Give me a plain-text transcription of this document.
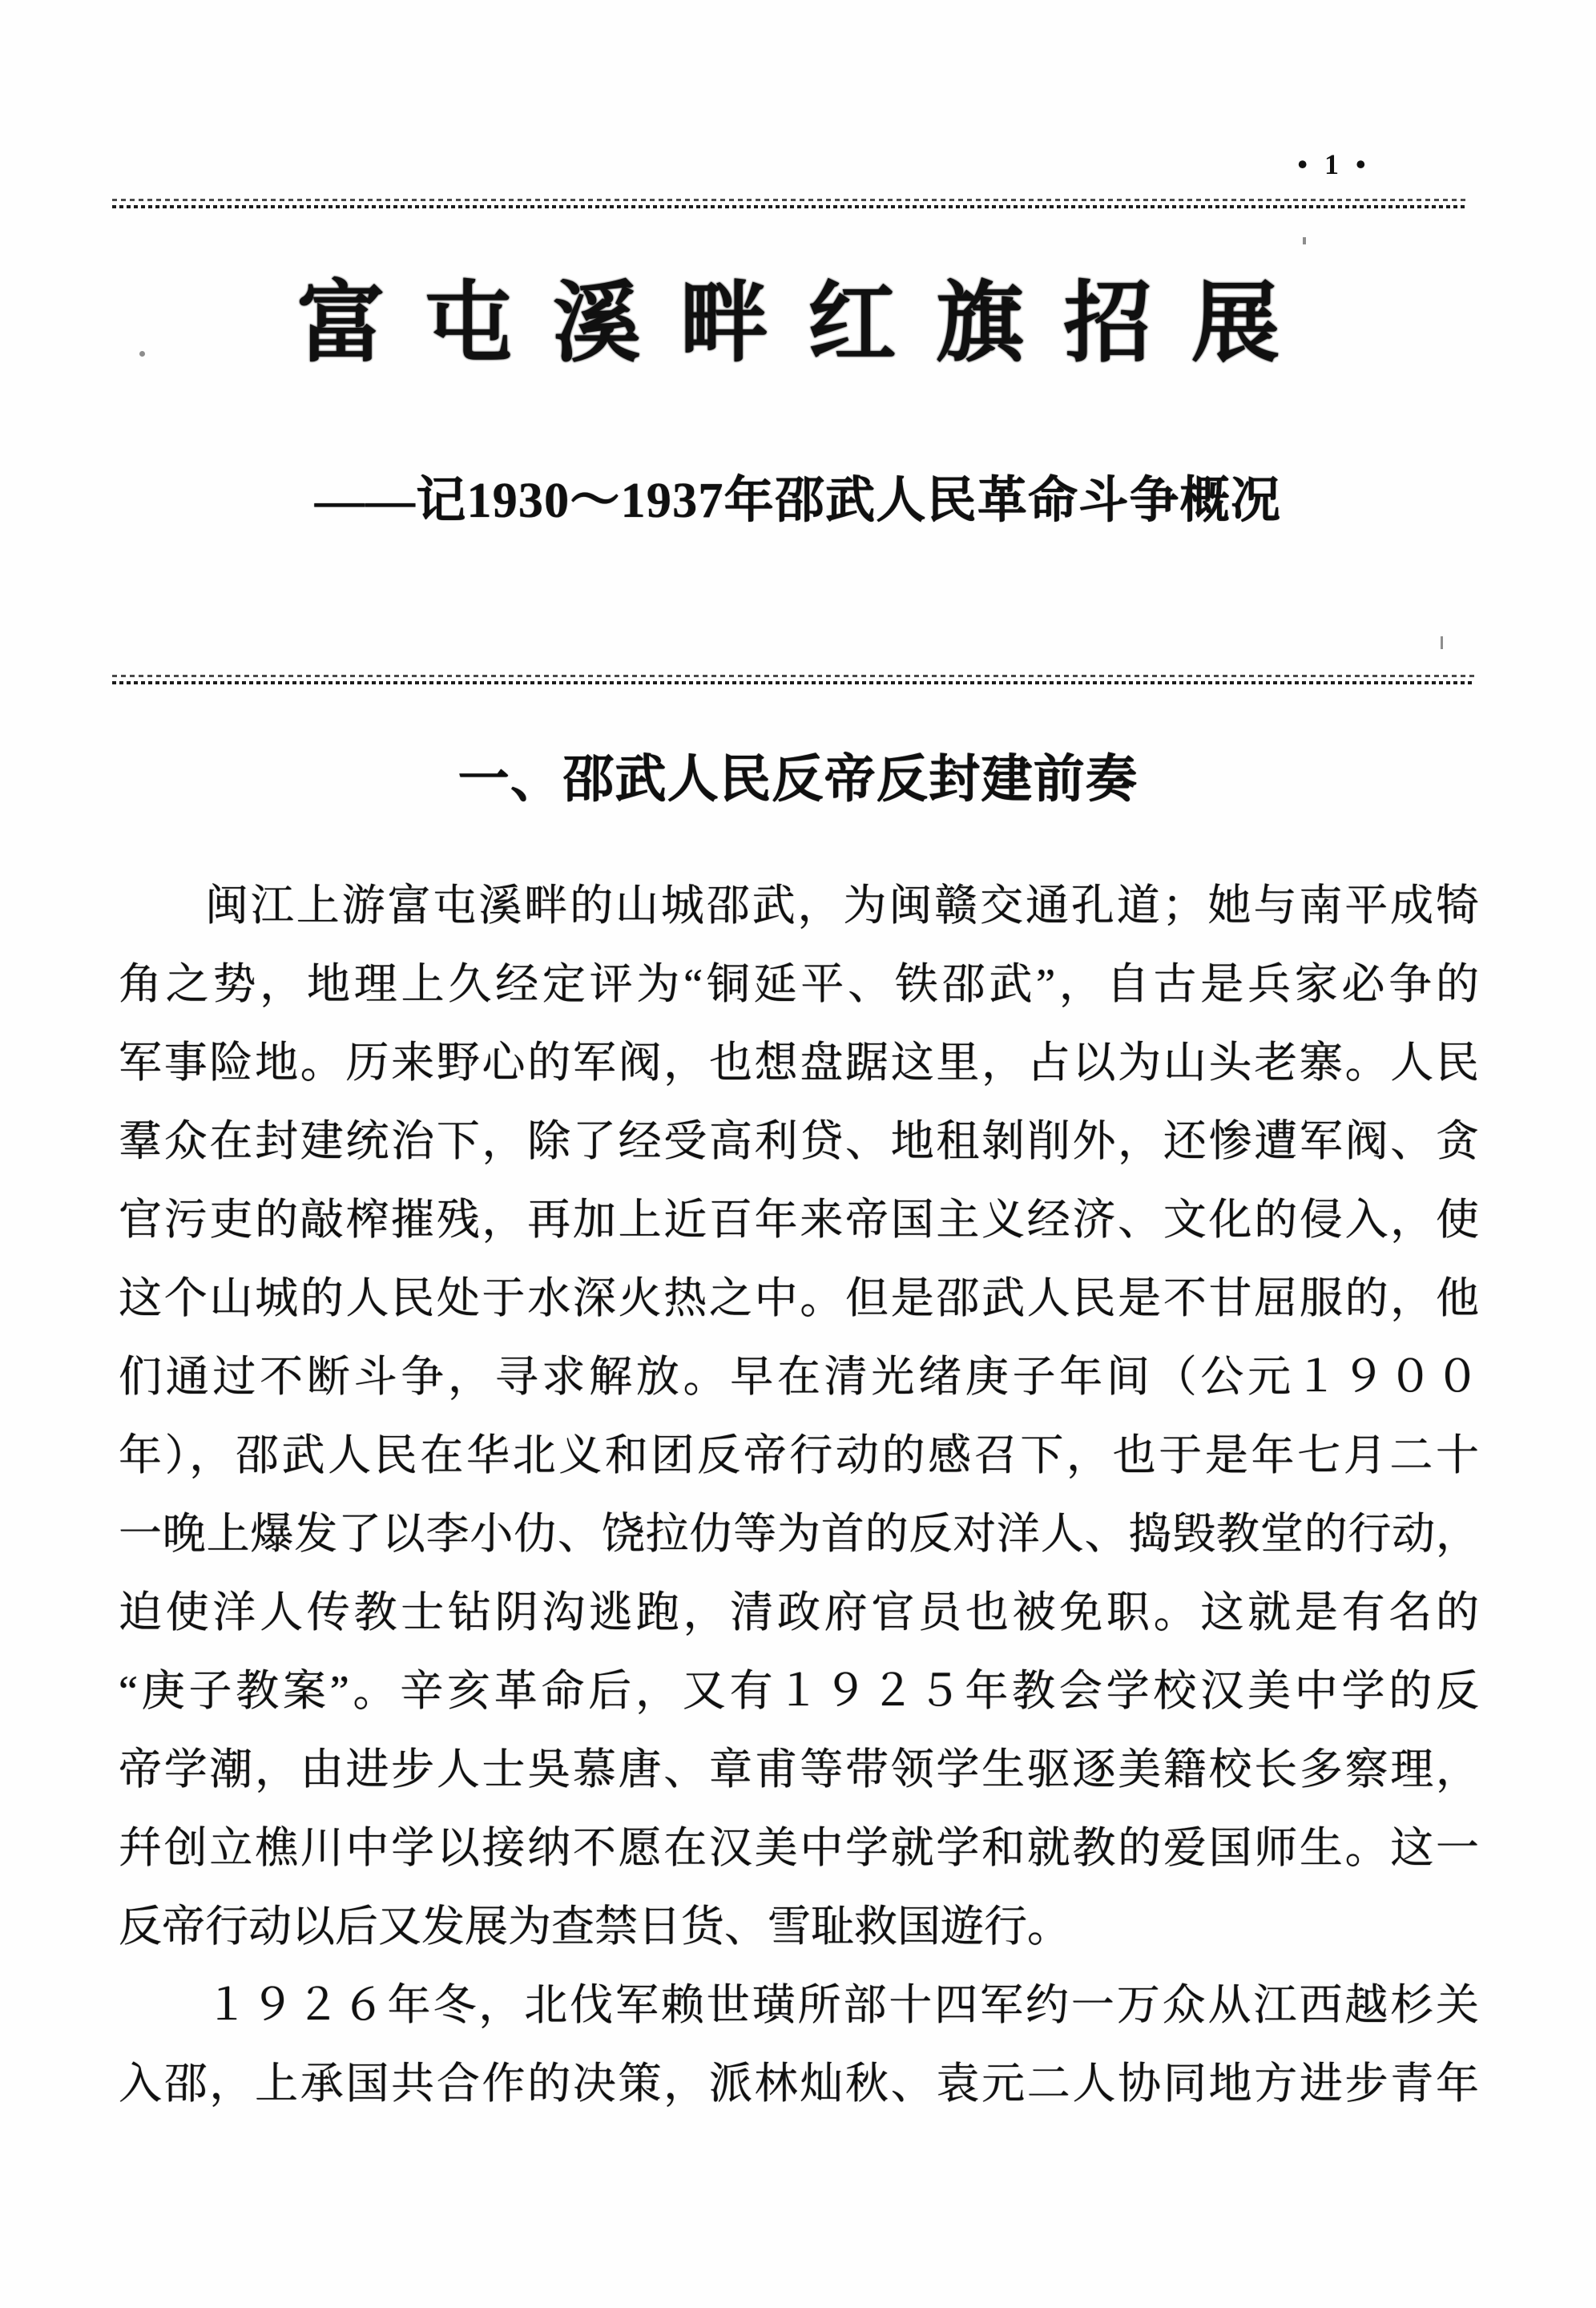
• 1 •
富屯溪畔红旗招展
——记1930～1937年邵武人民革命斗争概况
一、邵武人民反帝反封建前奏
闽江上游富屯溪畔的山城邵武，为闽赣交通孔道；她与南平成犄
角之势，地理上久经定评为“铜延平、铁邵武”，自古是兵家必争的
军事险地。历来野心的军阀，也想盘踞这里，占以为山头老寨。人民
羣众在封建统治下，除了经受高利贷、地租剝削外，还惨遭军阀、贪
官污吏的敲榨摧残，再加上近百年来帝国主义经济、文化的侵入，使
这个山城的人民处于水深火热之中。但是邵武人民是不甘屈服的，他
们通过不断斗争，寻求解放。早在清光绪庚子年间（公元１９００
年），邵武人民在华北义和团反帝行动的感召下，也于是年七月二十
一晚上爆发了以李小仂、饶拉仂等为首的反对洋人、捣毁教堂的行动，
迫使洋人传教士钻阴沟逃跑，清政府官员也被免职。这就是有名的
“庚子教案”。辛亥革命后，又有１９２５年教会学校汉美中学的反
帝学潮，由进步人士吳慕唐、章甫等带领学生驱逐美籍校长多察理，
幷创立樵川中学以接纳不愿在汉美中学就学和就教的爱国师生。这一
反帝行动以后又发展为查禁日货、雪耻救国遊行。
１９２６年冬，北伐军赖世璜所部十四军约一万众从江西越杉关
入邵，上承国共合作的决策，派林灿秋、袁元二人协同地方进步青年
